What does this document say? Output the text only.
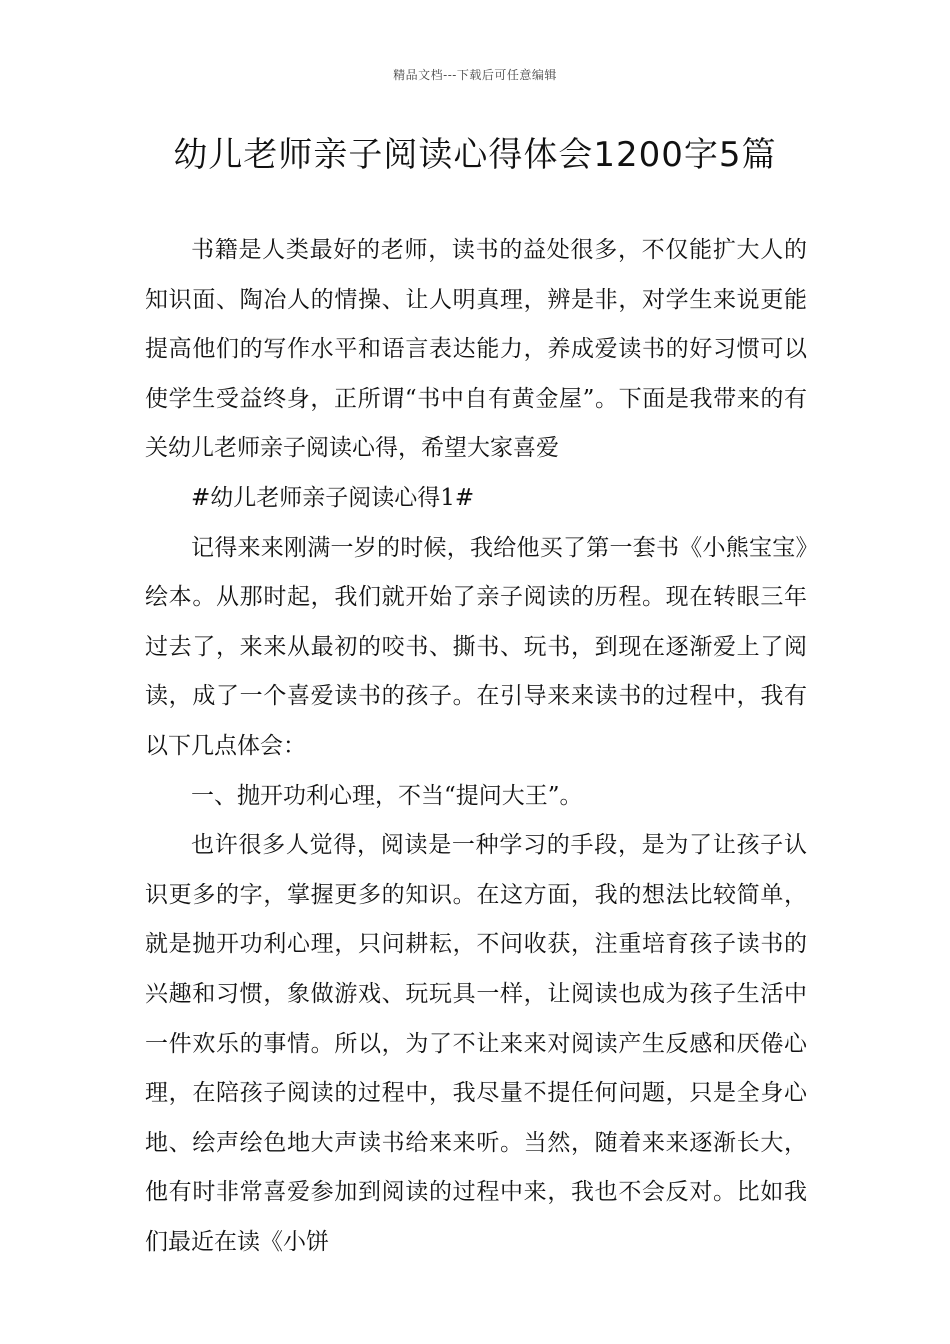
精品文档---下载后可任意编辑
幼儿老师亲子阅读心得体会1200字5篇

书籍是人类最好的老师，读书的益处很多，不仅能扩大人的知识面、陶冶人的情操、让人明真理，辨是非，对学生来说更能提高他们的写作水平和语言表达能力，养成爱读书的好习惯可以使学生受益终身，正所谓“书中自有黄金屋”。下面是我带来的有关幼儿老师亲子阅读心得，希望大家喜爱

#幼儿老师亲子阅读心得1#

记得来来刚满一岁的时候，我给他买了第一套书《小熊宝宝》绘本。从那时起，我们就开始了亲子阅读的历程。现在转眼三年过去了，来来从最初的咬书、撕书、玩书，到现在逐渐爱上了阅读，成了一个喜爱读书的孩子。在引导来来读书的过程中，我有以下几点体会：

一、抛开功利心理，不当“提问大王”。

也许很多人觉得，阅读是一种学习的手段，是为了让孩子认识更多的字，掌握更多的知识。在这方面，我的想法比较简单，就是抛开功利心理，只问耕耘，不问收获，注重培育孩子读书的兴趣和习惯，象做游戏、玩玩具一样，让阅读也成为孩子生活中一件欢乐的事情。所以，为了不让来来对阅读产生反感和厌倦心理，在陪孩子阅读的过程中，我尽量不提任何问题，只是全身心地、绘声绘色地大声读书给来来听。当然，随着来来逐渐长大，他有时非常喜爱参加到阅读的过程中来，我也不会反对。比如我们最近在读《小饼
